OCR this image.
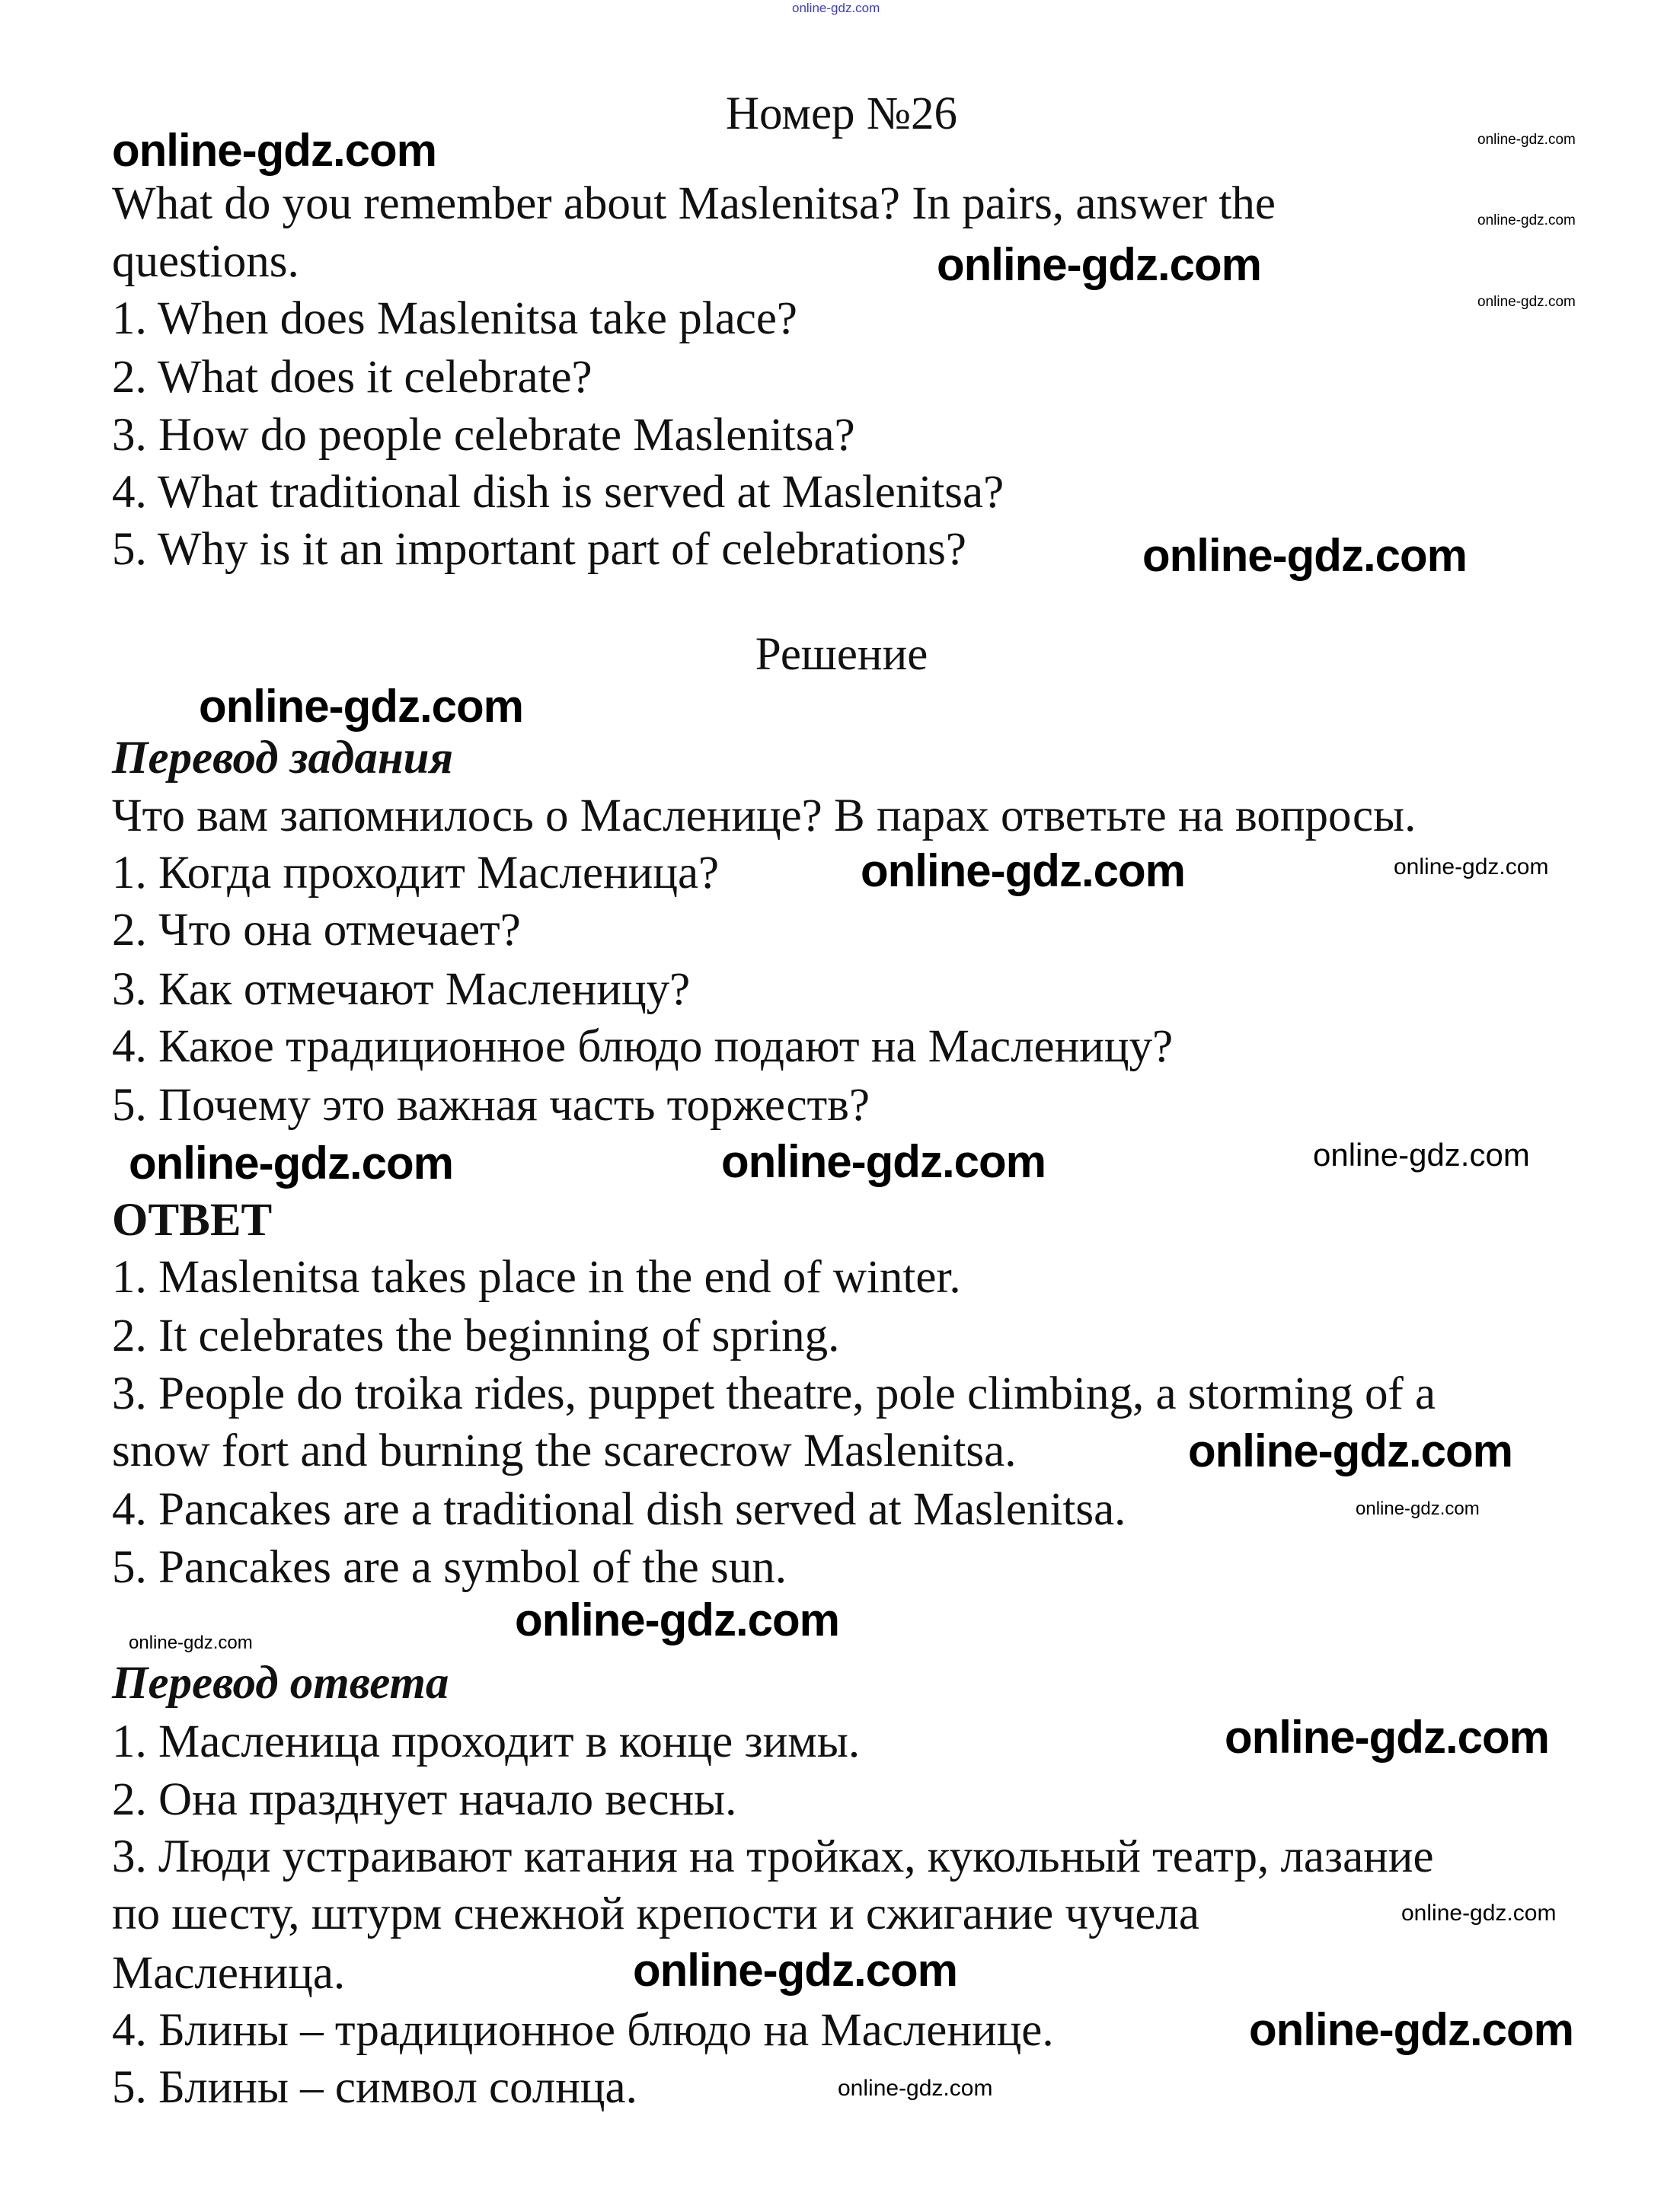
Номер №26
What do you remember about Maslenitsa? In pairs, answer the
questions.
1. When does Maslenitsa take place?
2. What does it celebrate?
3. How do people celebrate Maslenitsa?
4. What traditional dish is served at Maslenitsa?
5. Why is it an important part of celebrations?
Решение
Перевод задания
Что вам запомнилось о Масленице? В парах ответьте на вопросы.
1. Когда проходит Масленица?
2. Что она отмечает?
3. Как отмечают Масленицу?
4. Какое традиционное блюдо подают на Масленицу?
5. Почему это важная часть торжеств?
ОТВЕТ
1. Maslenitsa takes place in the end of winter.
2. It celebrates the beginning of spring.
3. People do troika rides, puppet theatre, pole climbing, a storming of a
snow fort and burning the scarecrow Maslenitsa.
4. Pancakes are a traditional dish served at Maslenitsa.
5. Pancakes are a symbol of the sun.
Перевод ответа
1. Масленица проходит в конце зимы.
2. Она празднует начало весны.
3. Люди устраивают катания на тройках, кукольный театр, лазание
по шесту, штурм снежной крепости и сжигание чучела
Масленица.
4. Блины – традиционное блюдо на Масленице.
5. Блины – символ солнца.
online-gdz.com
online-gdz.com	online-gdz.com
online-gdz.com
online-gdz.com
online-gdz.com
online-gdz.com
online-gdz.com
online-gdz.com	online-gdz.com
online-gdz.com	online-gdz.com	online-gdz.com
online-gdz.com
online-gdz.com
online-gdz.com
online-gdz.com
online-gdz.com
online-gdz.com
online-gdz.com
online-gdz.com
online-gdz.com
